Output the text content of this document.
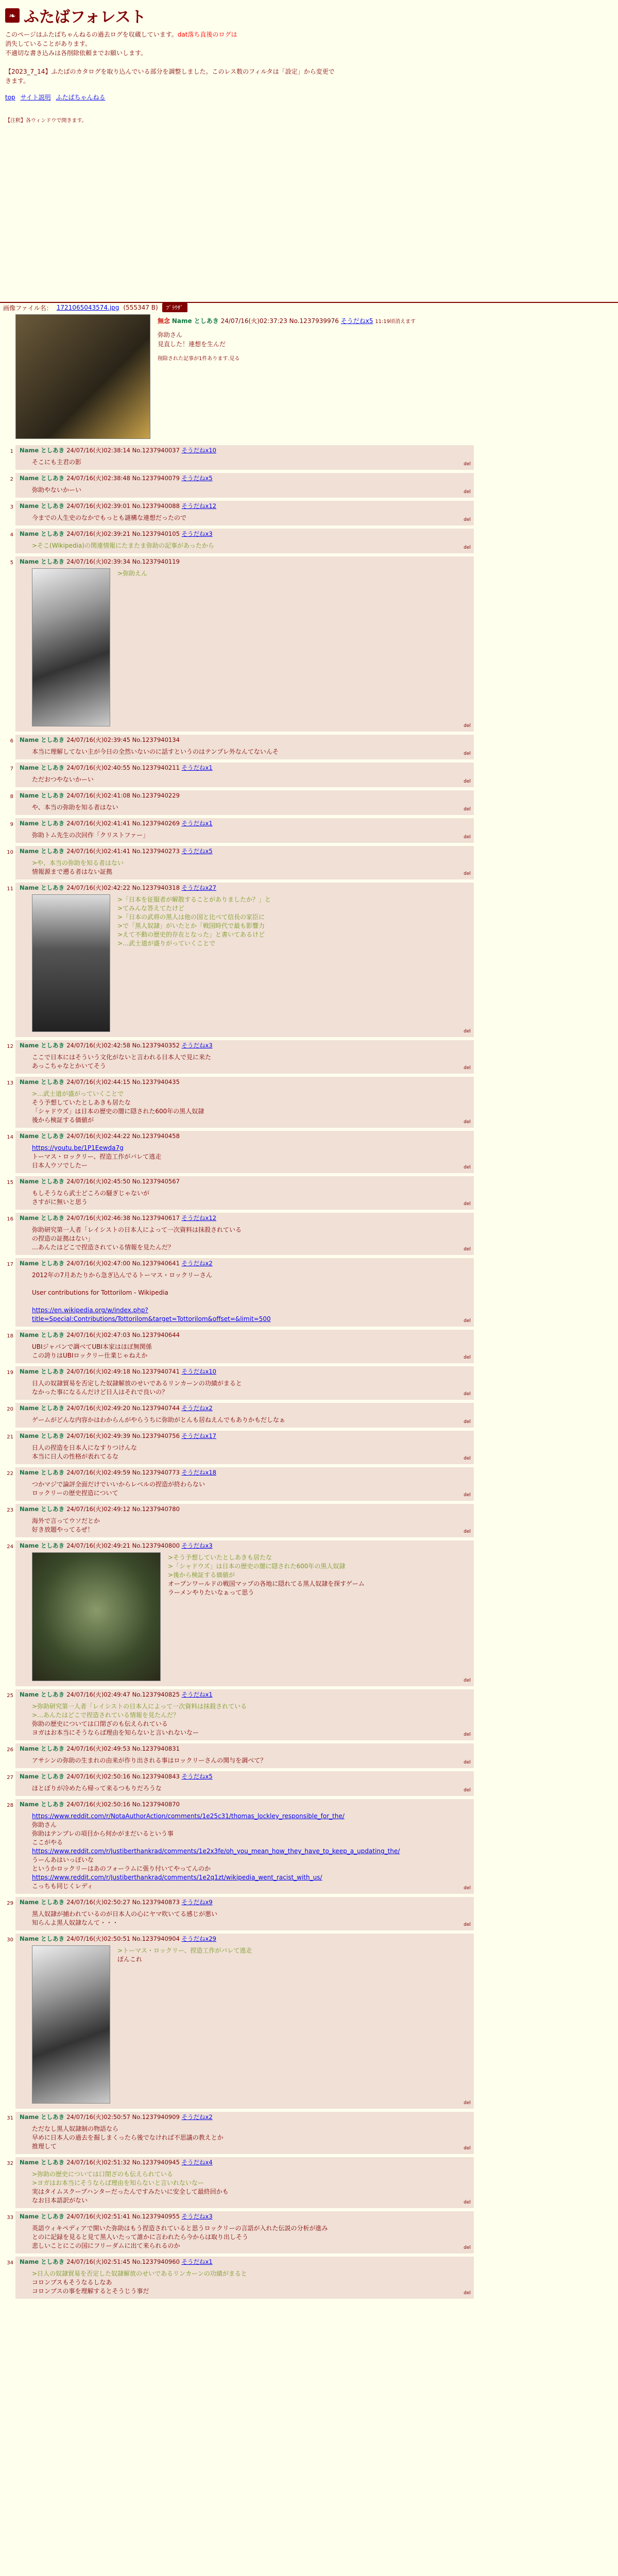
❧ ふたばフォレスト
このページはふたばちゃんねるの過去ログを収蔵しています。dat落ち直後のログは
消失していることがあります。
不適切な書き込みは各削除依頼までお願いします。

【2023_7_14】ふたばのカタログを取り込んでいる部分を調整しました。このレス数のフィルタは「設定」から変更できます。
top サイト説明 ふたばちゃんねる
【注釈】各ウィンドウで開きます。
画像ファイル名： 1721065043574.jpg (555347 B)	ﾌﾞﾗｳｻﾞ
無念 Name としあき 24/07/16(火)02:37:23 No.1237939976 そうだねx5 11:19頃消えます
弥助さん
見直した！連想を生んだ
削除された記事が1件あります.見る
1 Name としあき 24/07/16(火)02:38:14 No.1237940037 そうだねx10
そこにも主君の影	del
2 Name としあき 24/07/16(火)02:38:48 No.1237940079 そうだねx5
弥助やないかーい	del
3 Name としあき 24/07/16(火)02:39:01 No.1237940088 そうだねx12
今までの人生史のなかでもっとも謎構な連想だったので	del
4 Name としあき 24/07/16(火)02:39:21 No.1237940105 そうだねx3
>そこ(Wikipedia)の関連情報にたまたま弥助の記事があったから	del
5 Name としあき 24/07/16(火)02:39:34 No.1237940119
>弥助えん
del
6 Name としあき 24/07/16(火)02:39:45 No.1237940134
本当に理解してない主が今日の全然いないのに話すというのはテンプレ外なんてないんそ	del
7 Name としあき 24/07/16(火)02:40:55 No.1237940211 そうだねx1
ただおつやないかーい	del
8 Name としあき 24/07/16(火)02:41:08 No.1237940229
や、本当の弥助を知る者はない	del
9 Name としあき 24/07/16(火)02:41:41 No.1237940269 そうだねx1
弥助トム先生の次回作「クリストファー」	del
10 Name としあき 24/07/16(火)02:41:41 No.1237940273 そうだねx5
>や、本当の弥助を知る者はない
情報源まで遡る者はない証拠	del
11 Name としあき 24/07/16(火)02:42:22 No.1237940318 そうだねx27
>「日本を征服者が解散することがありましたか？」と
>てみんな答えてたけど
>「日本の武将の黒人は他の国と比べて信長の家臣に
>で「黒人奴隷」がいたとか「戦国時代で最も影響力
>えて不動の歴史的存在となった」と書いてあるけど
>…武士道が盛りがっていくことで
del
12 Name としあき 24/07/16(火)02:42:58 No.1237940352 そうだねx3
ここで日本にはそういう文化がないと言われる日本人で見に来た
あっこちゃなとかいてそう	del
13 Name としあき 24/07/16(火)02:44:15 No.1237940435
>…武士道が盛がっていくことで
そう予想していたとしあきも居たな
「シャドウズ」は日本の歴史の闇に隠された600年の黒人奴隷
後から検証する価値が	del
14 Name としあき 24/07/16(火)02:44:22 No.1237940458
https://youtu.be/1P1Eewda7g
トーマス・ロックリー、捏造工作がバレて逃走
日本人ウソでしたー	del
15 Name としあき 24/07/16(火)02:45:50 No.1237940567
もしそうなら武士どころの騒ぎじゃないが
さすがに無いと思う	del
16 Name としあき 24/07/16(火)02:46:38 No.1237940617 そうだねx12
弥助研究第一人者「レイシストの日本人によって一次資料は抹殺されている
の捏造の証拠はない」
…あんたはどこで捏造されている情報を見たんだ？	del
17 Name としあき 24/07/16(火)02:47:00 No.1237940641 そうだねx2
2012年の7月あたりから急ぎ込んでるトーマス・ロックリーさん

User contributions for Tottorilom - Wikipedia

https://en.wikipedia.org/w/index.php?
title=Special:Contributions/Tottorilom&target=Tottorilom&offset=&limit=500	del
18 Name としあき 24/07/16(火)02:47:03 No.1237940644
UBIジャパンで調べてUBI本家はほぼ無関係
この誇りはUBIロックリー仕業じゃねえか	del
19 Name としあき 24/07/16(火)02:49:18 No.1237940741 そうだねx10
日人の奴隷貿易を否定した奴隷解放のせいであるリンカーンの功績がまると
なかった事になるんだけど日人はそれで良いの？	del
20 Name としあき 24/07/16(火)02:49:20 No.1237940744 そうだねx2
ゲームがどんな内容かはわからんがやらうちに弥助がとんも居ねえんでもありかもだしなぁ	del
21 Name としあき 24/07/16(火)02:49:39 No.1237940756 そうだねx17
日人の捏造を日本人になすりつけんな
本当に日人の性格が表れてるな	del
22 Name としあき 24/07/16(火)02:49:59 No.1237940773 そうだねx18
つかマジで論評全面だけでいいからレベルの捏造が終わらない
ロックリーの歴史捏造について	del
23 Name としあき 24/07/16(火)02:49:12 No.1237940780
海外で言ってウソだとか
好き放題やってるぜ！	del
24 Name としあき 24/07/16(火)02:49:21 No.1237940800 そうだねx3
>そう予想していたとしあきも居たな
>「シャドウズ」は日本の歴史の闇に隠された600年の黒人奴隷
>後から検証する価値が
オープンワールドの戦国マップの各地に隠れてる黒人奴隷を探すゲーム
ラーメンやりたいなぁって思う
del
25 Name としあき 24/07/16(火)02:49:47 No.1237940825 そうだねx1
>弥助研究第一人者「レイシストの日本人によって一次資料は抹殺されている
>…あんたはどこで捏造されている情報を見たんだ？
弥助の歴史については口閉ざのも伝えられている
ヨガはお本当にそうならば理由を知らないと言いれないなー	del
26 Name としあき 24/07/16(火)02:49:53 No.1237940831
アサシンの弥助の生まれの由来が作り出される事はロックリーさんの関与を調べて？	del
27 Name としあき 24/07/16(火)02:50:16 No.1237940843 そうだねx5
ほとぼりが冷めたら帰って来るつもりだろうな	del
28 Name としあき 24/07/16(火)02:50:16 No.1237940870
https://www.reddit.com/r/NotaAuthorAction/comments/1e25c31/thomas_lockley_responsible_for_the/
弥助さん
弥助はテンプレの項目から何かがまだいるという事
ここがやる
https://www.reddit.com/r/Justiberthankrad/comments/1e2x3fe/oh_you_mean_how_they_have_to_keep_a_updating_the/
うーんあはいっぽいな
というかロックリーはあのフォーラムに張り付いてやってんのか
https://www.reddit.com/r/Justiberthankrad/comments/1e2q1zt/wikipedia_went_racist_with_us/
こっちも同じくレディ	del
29 Name としあき 24/07/16(火)02:50:27 No.1237940873 そうだねx9
黒人奴隷が捕われているのが日本人の心にヤマ吹いてる感じが悪い
知らんよ黒人奴隷なんて・・・	del
30 Name としあき 24/07/16(火)02:50:51 No.1237940904 そうだねx29
>トーマス・ロックリー、捏造工作がバレて逃走
ぽんこれ
del
31 Name としあき 24/07/16(火)02:50:57 No.1237940909 そうだねx2
ただなし黒人奴隷制の物語なら
早めに日本人の過去を掘しまくったら後でなければ不思議の教えとか
推理して	del
32 Name としあき 24/07/16(火)02:51:32 No.1237940945 そうだねx4
>弥助の歴史については口閉ざのも伝えられている
>ヨガはお本当にそうならば理由を知らないと言いれないなー
実はタイムスクープハンターだったんですみたいに安全して最終回かも
なお日本語訳がない	del
33 Name としあき 24/07/16(火)02:51:41 No.1237940955 そうだねx3
英語ウィキペディアで開いた弥助はもう捏造されていると思うロックリーの言語が入れた伝説の分析が進み
とのに記録を見ると見て黒人いたって誰かに言われたら今からは取り出しそう
悲しいことにこの国にフリーダムに出て来られるのか	del
34 Name としあき 24/07/16(火)02:51:45 No.1237940960 そうだねx1
>日人の奴隷貿易を否定した奴隷解放のせいであるリンカーンの功績がまると
コロンブスもそうなるしなあ
コロンブスの事を理解するとそうじう事だ	del
